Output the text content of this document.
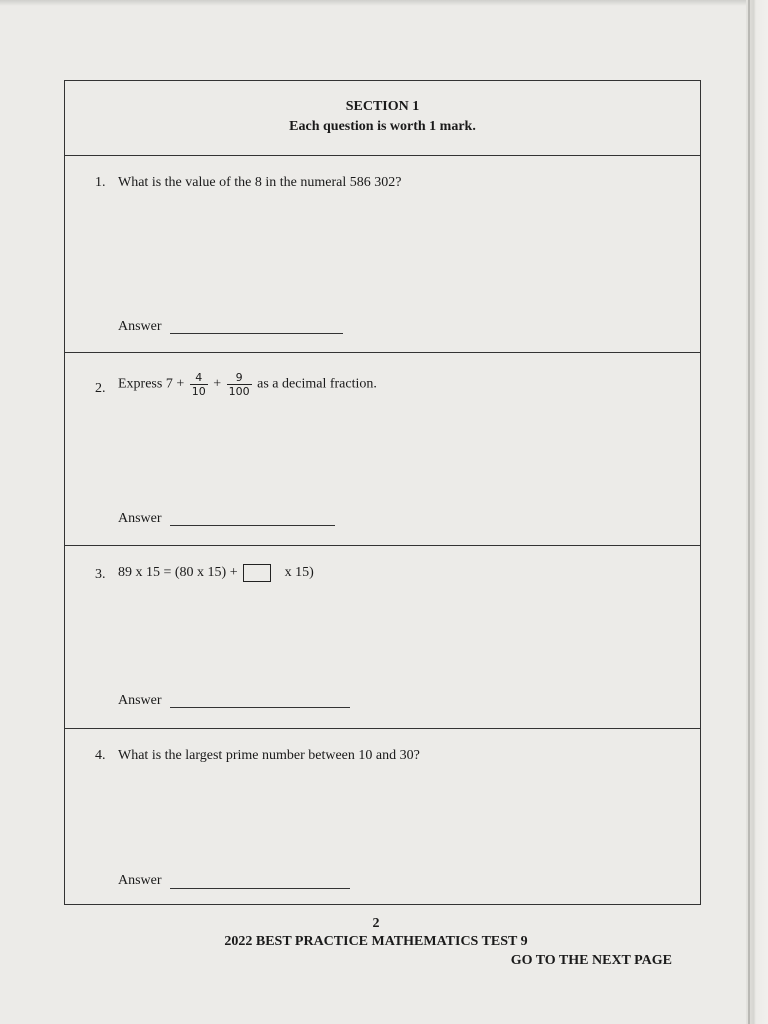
SECTION 1
Each question is worth 1 mark.
1. What is the value of the 8 in the numeral 586 302?
Answer
2. Express $7 + \frac{4}{10} + \frac{9}{100}$ as a decimal fraction.
Answer
3. 89 x 15 = (80 x 15) +	x 15)
Answer
4. What is the largest prime number between 10 and 30?
Answer
2
2022 BEST PRACTICE MATHEMATICS TEST 9
GO TO THE NEXT PAGE
